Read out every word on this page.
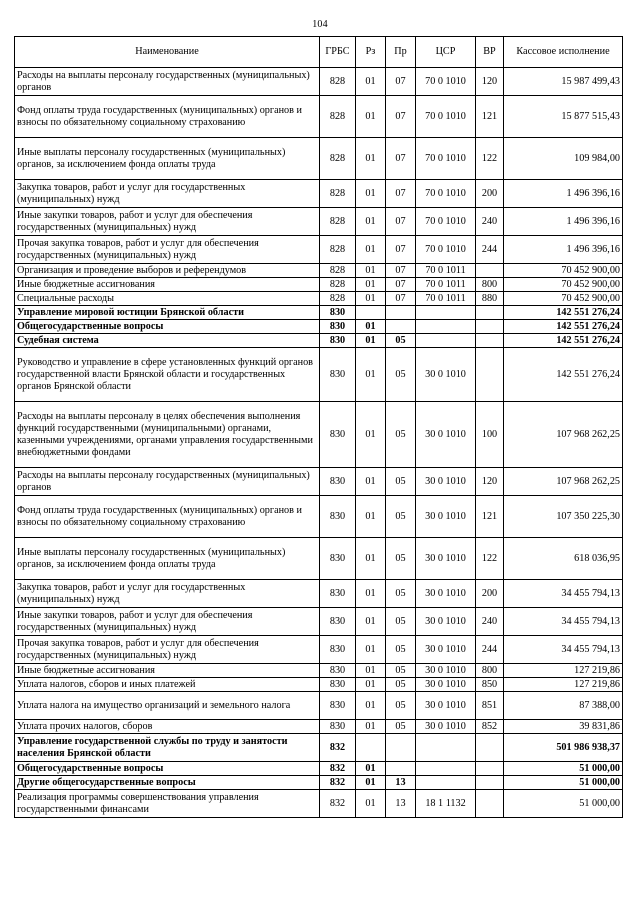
104
Наименование	ГРБС	Рз	Пр	ЦСР	ВР	Кассовое исполнение
Расходы на выплаты персоналу государственных (муниципальных) органов	828	01	07	70 0 1010	120	15 987 499,43
Фонд оплаты труда государственных (муниципальных) органов и взносы по обязательному социальному страхованию	828	01	07	70 0 1010	121	15 877 515,43
Иные выплаты персоналу государственных (муниципальных) органов, за исключением фонда оплаты труда	828	01	07	70 0 1010	122	109 984,00
Закупка товаров, работ и услуг для государственных (муниципальных) нужд	828	01	07	70 0 1010	200	1 496 396,16
Иные закупки товаров, работ и услуг для обеспечения государственных (муниципальных) нужд	828	01	07	70 0 1010	240	1 496 396,16
Прочая закупка товаров, работ и услуг для обеспечения государственных (муниципальных) нужд	828	01	07	70 0 1010	244	1 496 396,16
Организация и проведение выборов и референдумов	828	01	07	70 0 1011		70 452 900,00
Иные бюджетные ассигнования	828	01	07	70 0 1011	800	70 452 900,00
Специальные расходы	828	01	07	70 0 1011	880	70 452 900,00
Управление мировой юстиции Брянской области	830					142 551 276,24
Общегосударственные вопросы	830	01				142 551 276,24
Судебная система	830	01	05			142 551 276,24
Руководство и управление в сфере установленных функций органов государственной власти Брянской области и государственных органов Брянской области	830	01	05	30 0 1010		142 551 276,24
Расходы на выплаты персоналу в целях обеспечения выполнения функций государственными (муниципальными) органами, казенными учреждениями, органами управления государственными внебюджетными фондами	830	01	05	30 0 1010	100	107 968 262,25
Расходы на выплаты персоналу государственных (муниципальных) органов	830	01	05	30 0 1010	120	107 968 262,25
Фонд оплаты труда государственных (муниципальных) органов и взносы по обязательному социальному страхованию	830	01	05	30 0 1010	121	107 350 225,30
Иные выплаты персоналу государственных (муниципальных) органов, за исключением фонда оплаты труда	830	01	05	30 0 1010	122	618 036,95
Закупка товаров, работ и услуг для государственных (муниципальных) нужд	830	01	05	30 0 1010	200	34 455 794,13
Иные закупки товаров, работ и услуг для обеспечения государственных (муниципальных) нужд	830	01	05	30 0 1010	240	34 455 794,13
Прочая закупка товаров, работ и услуг для обеспечения государственных (муниципальных) нужд	830	01	05	30 0 1010	244	34 455 794,13
Иные бюджетные ассигнования	830	01	05	30 0 1010	800	127 219,86
Уплата налогов, сборов и иных платежей	830	01	05	30 0 1010	850	127 219,86
Уплата налога на имущество организаций и земельного налога	830	01	05	30 0 1010	851	87 388,00
Уплата прочих налогов, сборов	830	01	05	30 0 1010	852	39 831,86
Управление государственной службы по труду и занятости населения Брянской области	832					501 986 938,37
Общегосударственные вопросы	832	01				51 000,00
Другие общегосударственные вопросы	832	01	13			51 000,00
Реализация программы совершенствования управления государственными финансами	832	01	13	18 1 1132		51 000,00
